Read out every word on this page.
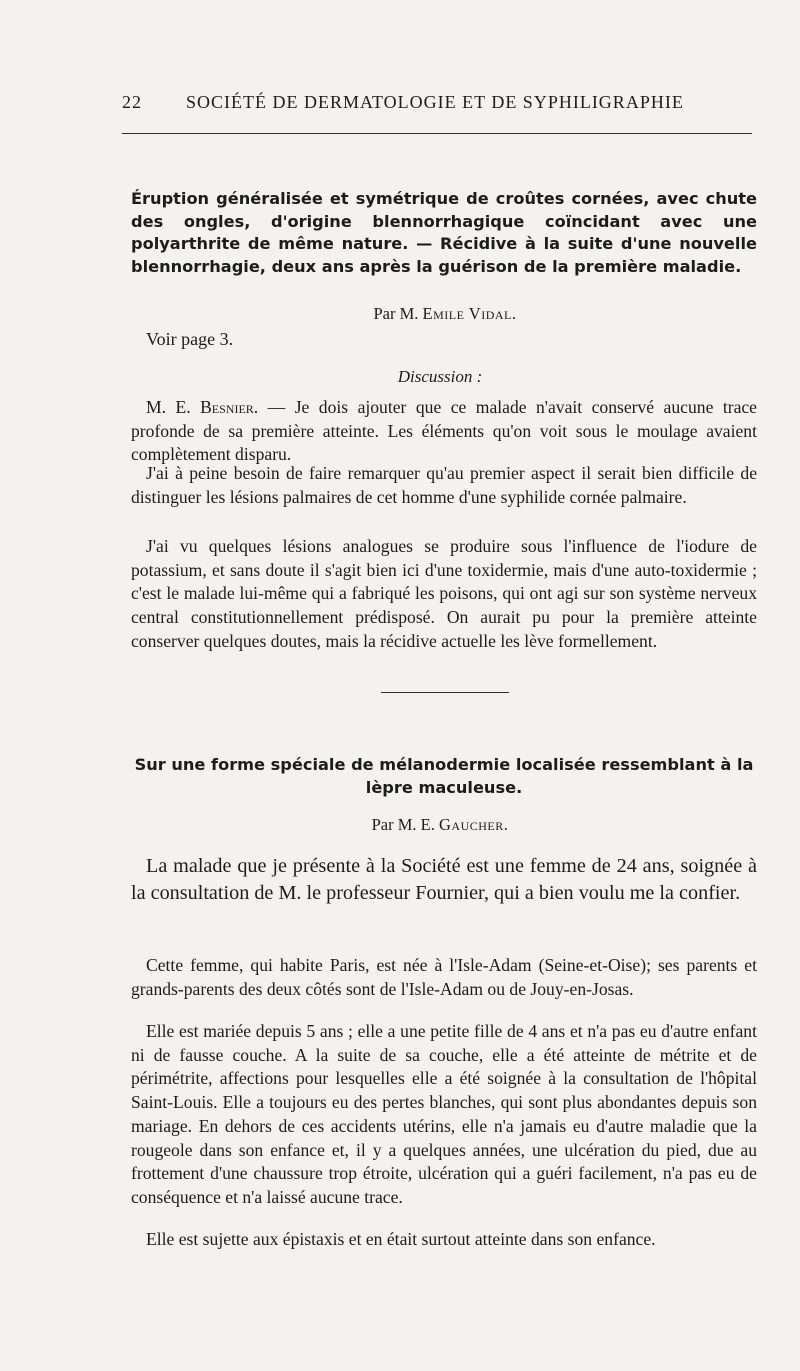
22 SOCIÉTÉ DE DERMATOLOGIE ET DE SYPHILIGRAPHIE
Éruption généralisée et symétrique de croûtes cornées, avec chute des ongles, d'origine blennorrhagique coïncidant avec une polyarthrite de même nature. — Récidive à la suite d'une nouvelle blennorrhagie, deux ans après la guérison de la première maladie.
Par M. Emile Vidal.
Voir page 3.
Discussion :

M. E. Besnier. — Je dois ajouter que ce malade n'avait conservé aucune trace profonde de sa première atteinte. Les éléments qu'on voit sous le moulage avaient complètement disparu.

J'ai à peine besoin de faire remarquer qu'au premier aspect il serait bien difficile de distinguer les lésions palmaires de cet homme d'une syphilide cornée palmaire.

J'ai vu quelques lésions analogues se produire sous l'influence de l'iodure de potassium, et sans doute il s'agit bien ici d'une toxidermie, mais d'une auto-toxidermie ; c'est le malade lui-même qui a fabriqué les poisons, qui ont agi sur son système nerveux central constitutionnellement prédisposé. On aurait pu pour la première atteinte conserver quelques doutes, mais la récidive actuelle les lève formellement.

Sur une forme spéciale de mélanodermie localisée ressemblant à la lèpre maculeuse.
Par M. E. Gaucher.

La malade que je présente à la Société est une femme de 24 ans, soignée à la consultation de M. le professeur Fournier, qui a bien voulu me la confier.

Cette femme, qui habite Paris, est née à l'Isle-Adam (Seine-et-Oise); ses parents et grands-parents des deux côtés sont de l'Isle-Adam ou de Jouy-en-Josas.

Elle est mariée depuis 5 ans ; elle a une petite fille de 4 ans et n'a pas eu d'autre enfant ni de fausse couche. A la suite de sa couche, elle a été atteinte de métrite et de périmétrite, affections pour lesquelles elle a été soignée à la consultation de l'hôpital Saint-Louis. Elle a toujours eu des pertes blanches, qui sont plus abondantes depuis son mariage. En dehors de ces accidents utérins, elle n'a jamais eu d'autre maladie que la rougeole dans son enfance et, il y a quelques années, une ulcération du pied, due au frottement d'une chaussure trop étroite, ulcération qui a guéri facilement, n'a pas eu de conséquence et n'a laissé aucune trace.

Elle est sujette aux épistaxis et en était surtout atteinte dans son enfance.
